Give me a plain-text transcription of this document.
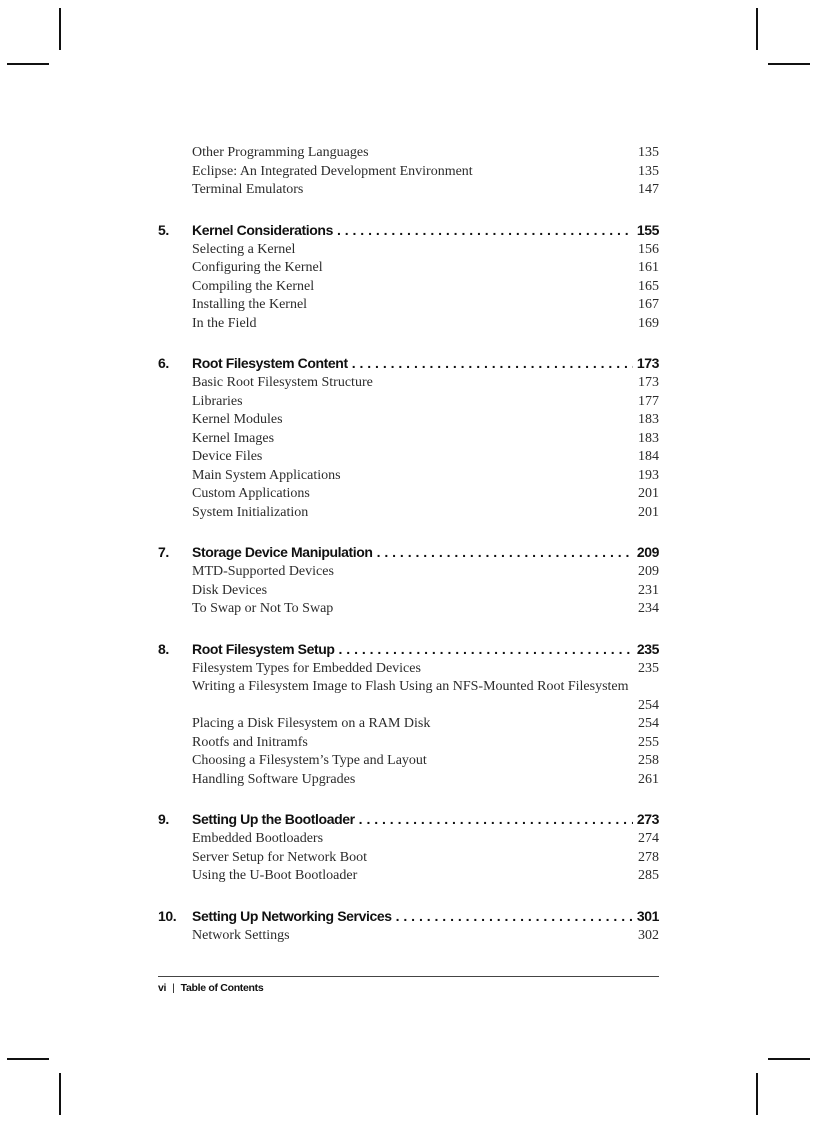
Other Programming Languages	135
Eclipse: An Integrated Development Environment	135
Terminal Emulators	147
5.	Kernel Considerations . . .	155
Selecting a Kernel	156
Configuring the Kernel	161
Compiling the Kernel	165
Installing the Kernel	167
In the Field	169
6.	Root Filesystem Content . . .	173
Basic Root Filesystem Structure	173
Libraries	177
Kernel Modules	183
Kernel Images	183
Device Files	184
Main System Applications	193
Custom Applications	201
System Initialization	201
7.	Storage Device Manipulation . . .	209
MTD-Supported Devices	209
Disk Devices	231
To Swap or Not To Swap	234
8.	Root Filesystem Setup . . .	235
Filesystem Types for Embedded Devices	235
Writing a Filesystem Image to Flash Using an NFS-Mounted Root Filesystem
254
Placing a Disk Filesystem on a RAM Disk	254
Rootfs and Initramfs	255
Choosing a Filesystem’s Type and Layout	258
Handling Software Upgrades	261
9.	Setting Up the Bootloader . . .	273
Embedded Bootloaders	274
Server Setup for Network Boot	278
Using the U-Boot Bootloader	285
10.	Setting Up Networking Services . . .	301
Network Settings	302
vi | Table of Contents
